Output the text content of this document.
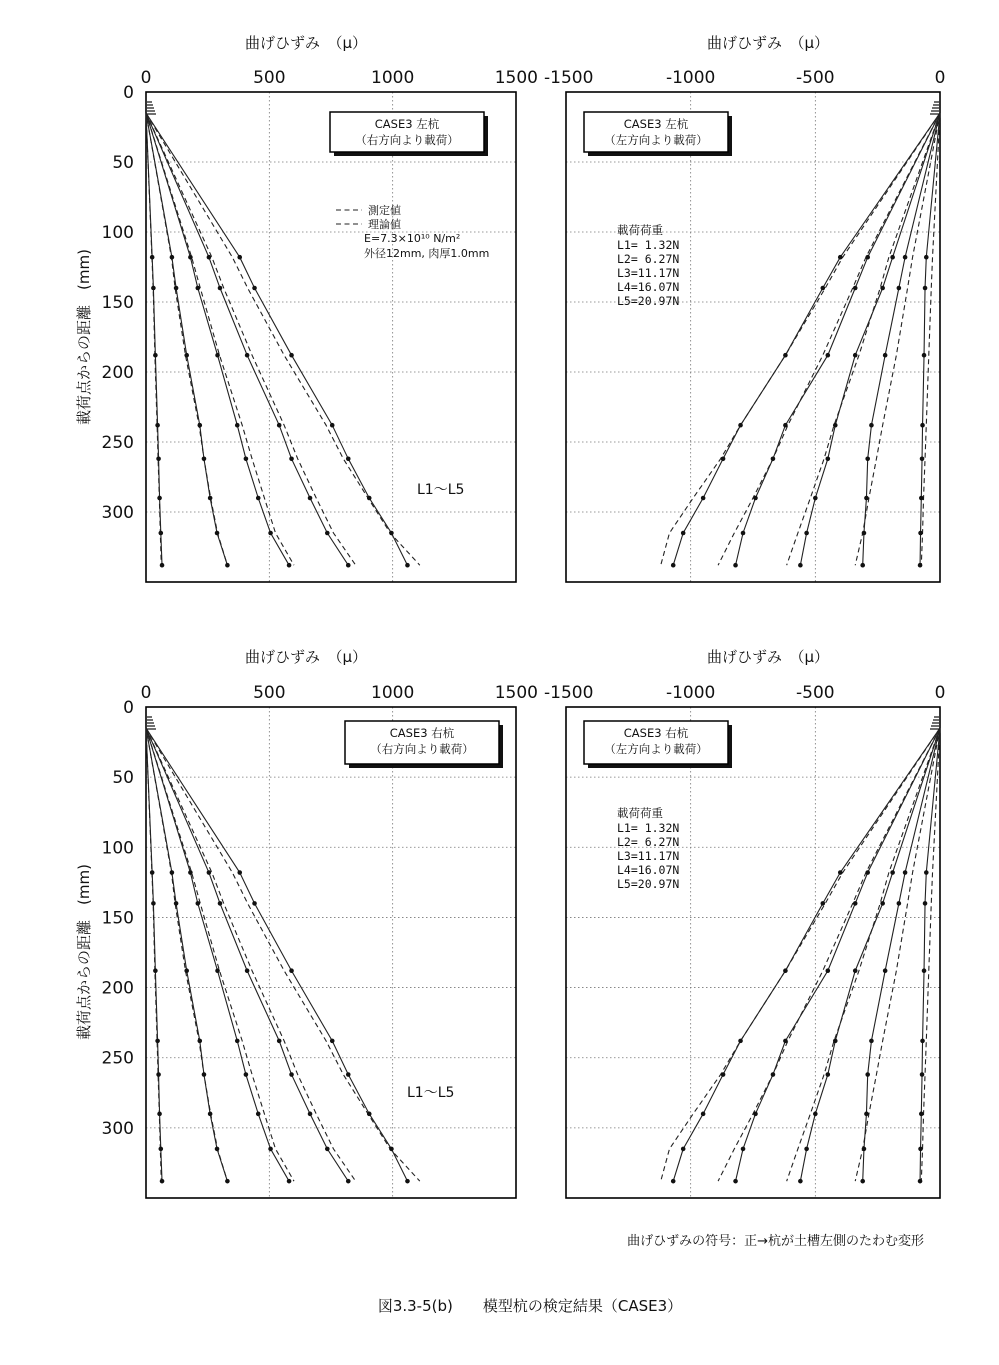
0	500	1000	1500
0
50
100
150
200
250
300
曲げひずみ　（μ）
CASE3 左杭
（右方向より載荷）
測定値
理論値
E=7.3×10¹⁰ N/m²
外径12mm, 肉厚1.0mm
L1〜L5
-1500	-1000	-500	0
曲げひずみ　（μ）
CASE3 左杭
（左方向より載荷）
載荷荷重
L1= 1.32N
L2= 6.27N
L3=11.17N
L4=16.07N
L5=20.97N
0	500	1000	1500
0
50
100
150
200
250
300
曲げひずみ　（μ）
CASE3 右杭
（右方向より載荷）
L1〜L5
-1500	-1000	-500	0
曲げひずみ　（μ）
CASE3 右杭
（左方向より載荷）
載荷荷重
L1= 1.32N
L2= 6.27N
L3=11.17N
L4=16.07N
L5=20.97N
載荷点からの距離　(mm)
載荷点からの距離　(mm)
曲げひずみの符号：正→杭が土槽左側のたわむ変形
図3.3-5(b)　　模型杭の検定結果（CASE3）
